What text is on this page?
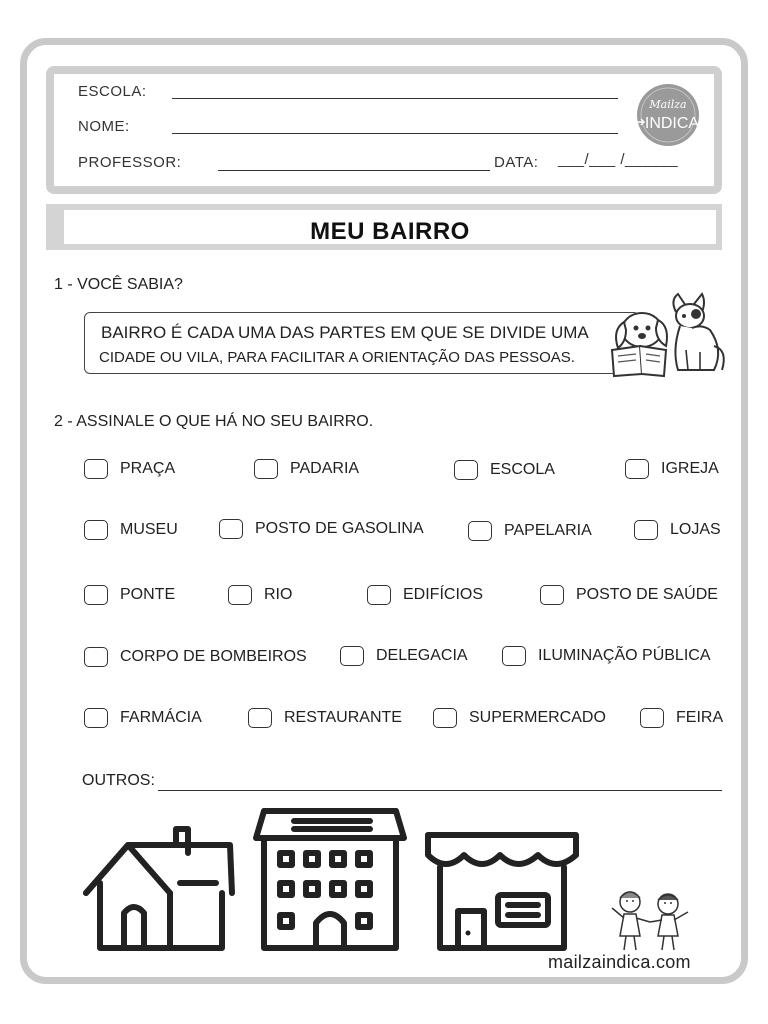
ESCOLA:
NOME:
PROFESSOR:	DATA: ___/___ /______
Mailza
INDICA
MEU BAIRRO
1 - VOCÊ SABIA?
BAIRRO É CADA UMA DAS PARTES EM QUE SE DIVIDE UMA
CIDADE OU VILA, PARA FACILITAR A ORIENTAÇÃO DAS PESSOAS.
2 - ASSINALE O QUE HÁ NO SEU BAIRRO.
PRAÇA	PADARIA	ESCOLA	IGREJA
MUSEU	POSTO DE GASOLINA	PAPELARIA	LOJAS
PONTE	RIO	EDIFÍCIOS	POSTO DE SAÚDE
CORPO DE BOMBEIROS	DELEGACIA	ILUMINAÇÃO PÚBLICA
FARMÁCIA	RESTAURANTE	SUPERMERCADO	FEIRA
OUTROS:
mailzaindica.com
